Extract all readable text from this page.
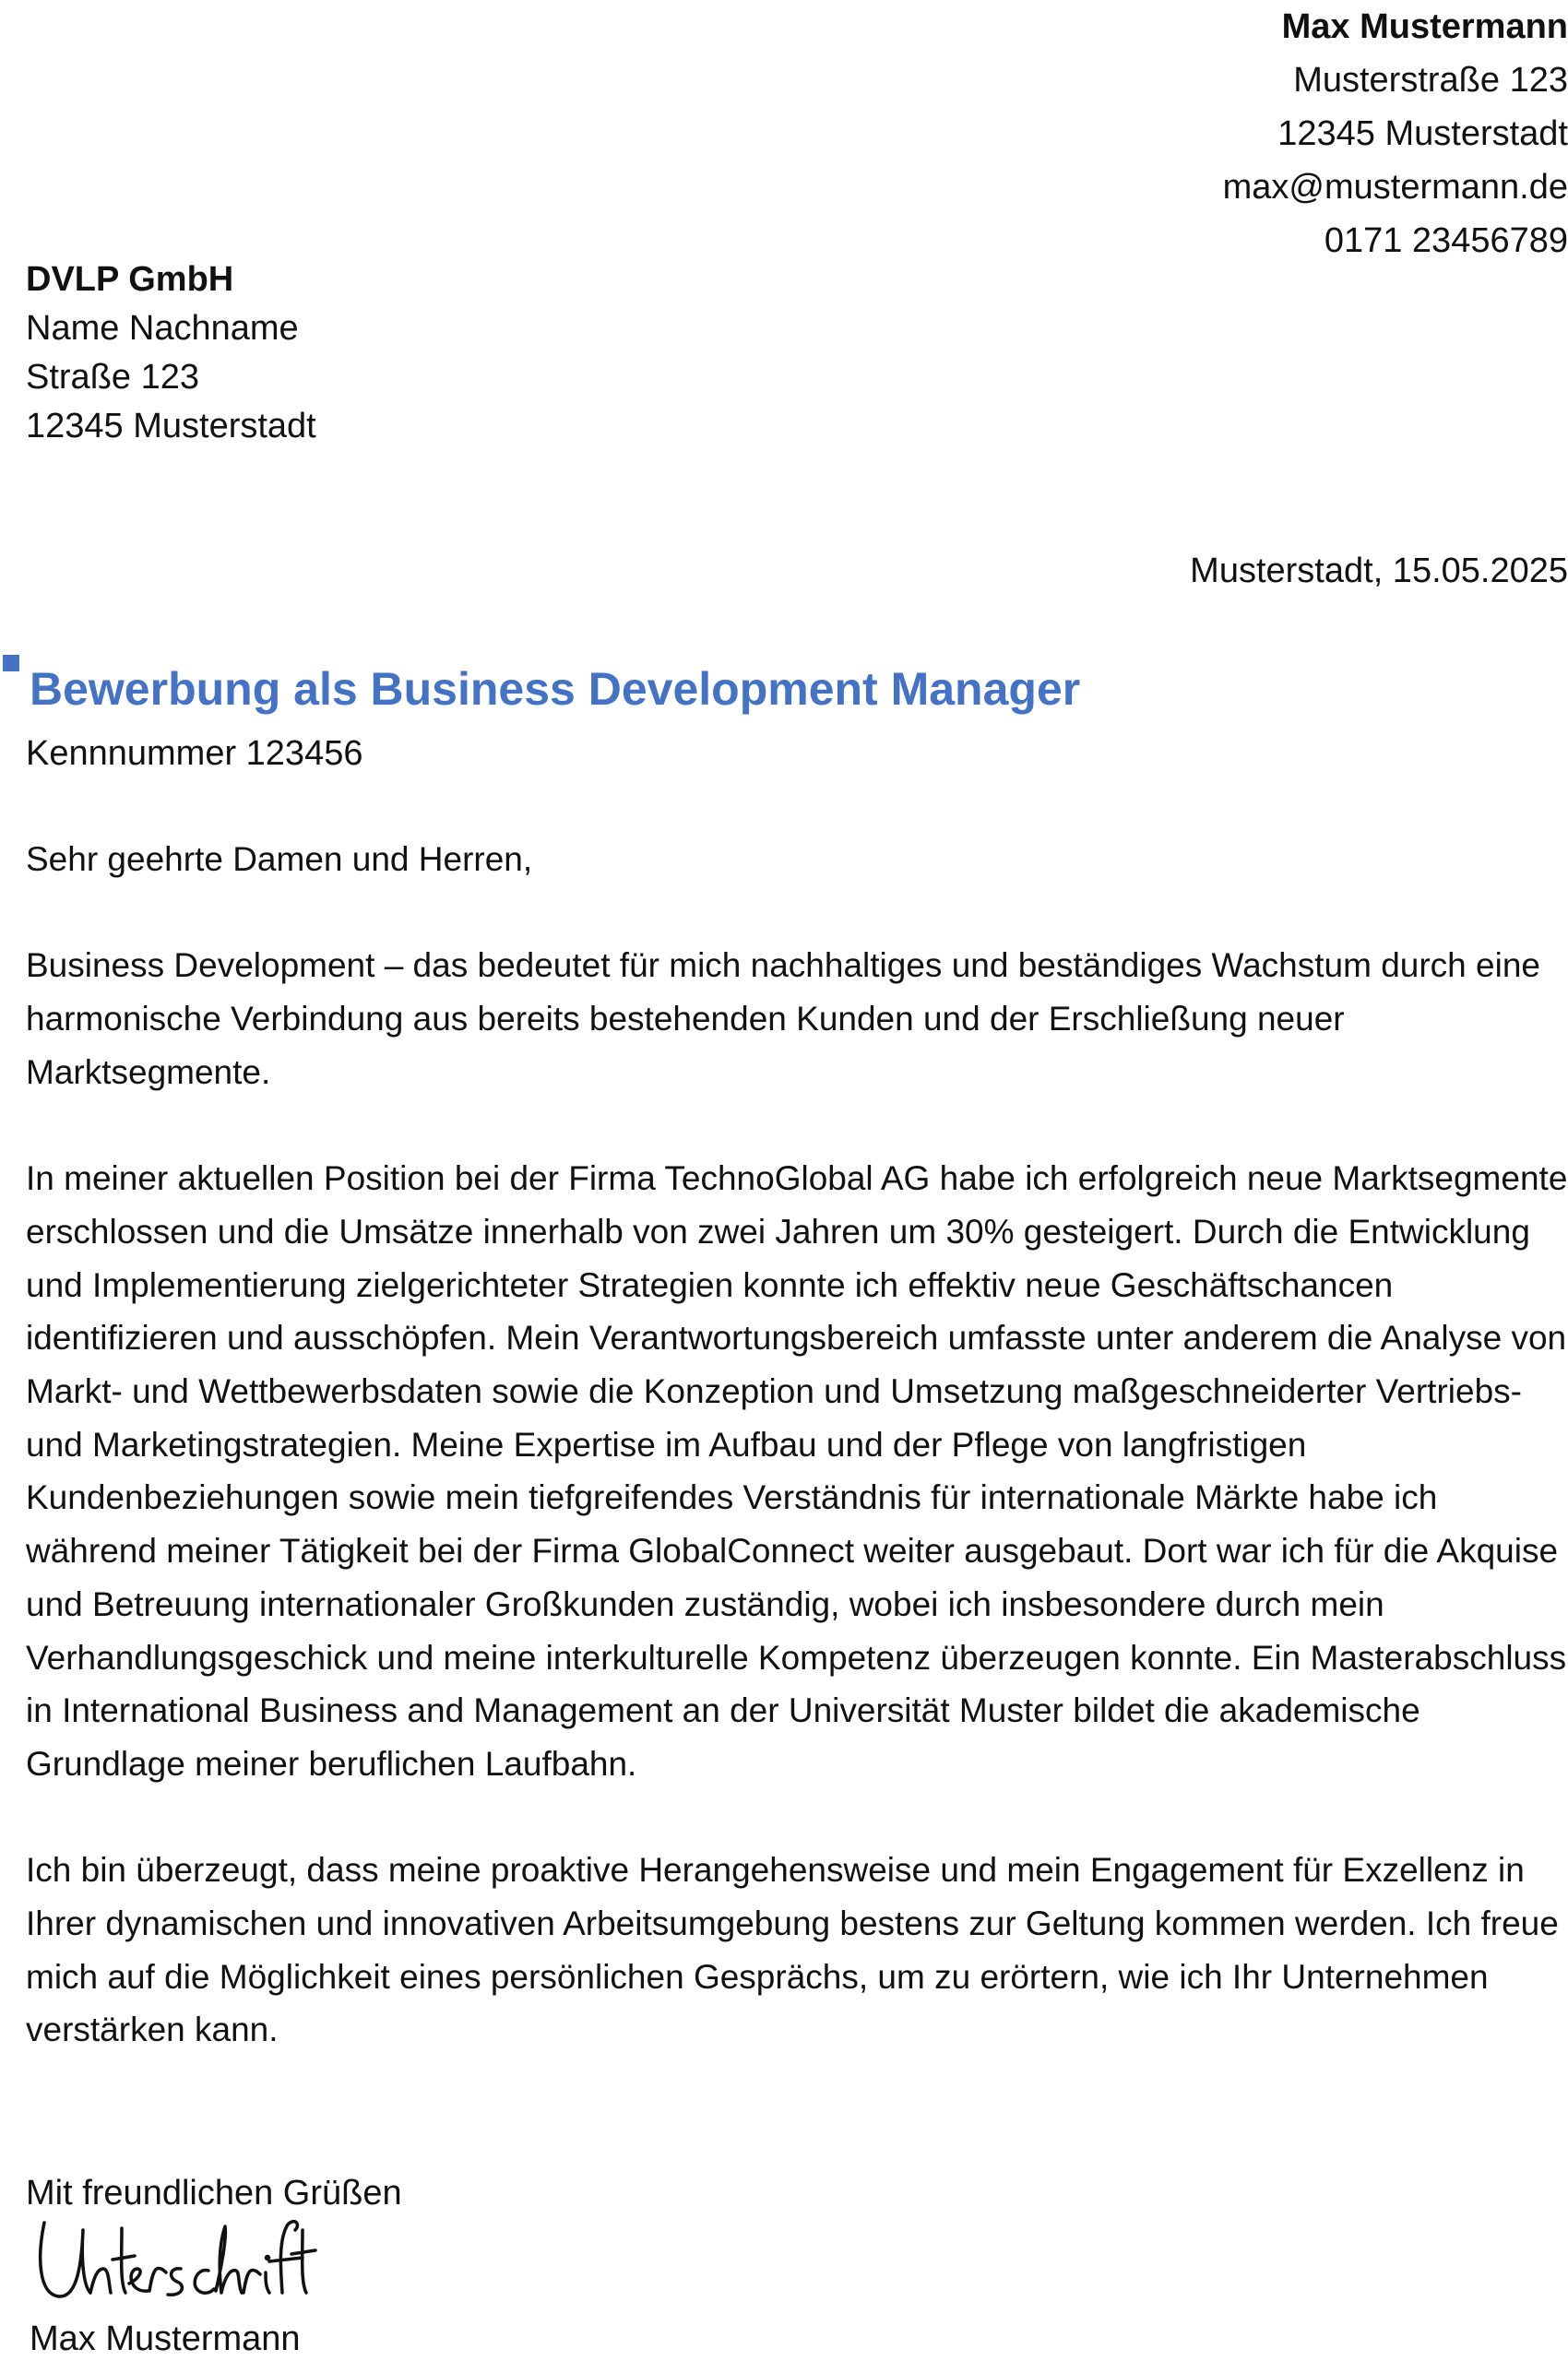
Max Mustermann
Musterstraße 123
12345 Musterstadt
max@mustermann.de
0171 23456789
DVLP GmbH
Name Nachname
Straße 123
12345 Musterstadt
Musterstadt, 15.05.2025
Bewerbung als Business Development Manager
Kennnummer 123456

Sehr geehrte Damen und Herren,

Business Development – das bedeutet für mich nachhaltiges und beständiges Wachstum durch eine harmonische Verbindung aus bereits bestehenden Kunden und der Erschließung neuer Marktsegmente.

In meiner aktuellen Position bei der Firma TechnoGlobal AG habe ich erfolgreich neue Marktsegmente erschlossen und die Umsätze innerhalb von zwei Jahren um 30% gesteigert. Durch die Entwicklung und Implementierung zielgerichteter Strategien konnte ich effektiv neue Geschäftschancen identifizieren und ausschöpfen. Mein Verantwortungsbereich umfasste unter anderem die Analyse von Markt- und Wettbewerbsdaten sowie die Konzeption und Umsetzung maßgeschneiderter Vertriebs- und Marketingstrategien. Meine Expertise im Aufbau und der Pflege von langfristigen Kundenbeziehungen sowie mein tiefgreifendes Verständnis für internationale Märkte habe ich während meiner Tätigkeit bei der Firma GlobalConnect weiter ausgebaut. Dort war ich für die Akquise und Betreuung internationaler Großkunden zuständig, wobei ich insbesondere durch mein Verhandlungsgeschick und meine interkulturelle Kompetenz überzeugen konnte. Ein Masterabschluss in International Business and Management an der Universität Muster bildet die akademische Grundlage meiner beruflichen Laufbahn.

Ich bin überzeugt, dass meine proaktive Herangehensweise und mein Engagement für Exzellenz in Ihrer dynamischen und innovativen Arbeitsumgebung bestens zur Geltung kommen werden. Ich freue mich auf die Möglichkeit eines persönlichen Gesprächs, um zu erörtern, wie ich Ihr Unternehmen verstärken kann.

Mit freundlichen Grüßen
Max Mustermann
